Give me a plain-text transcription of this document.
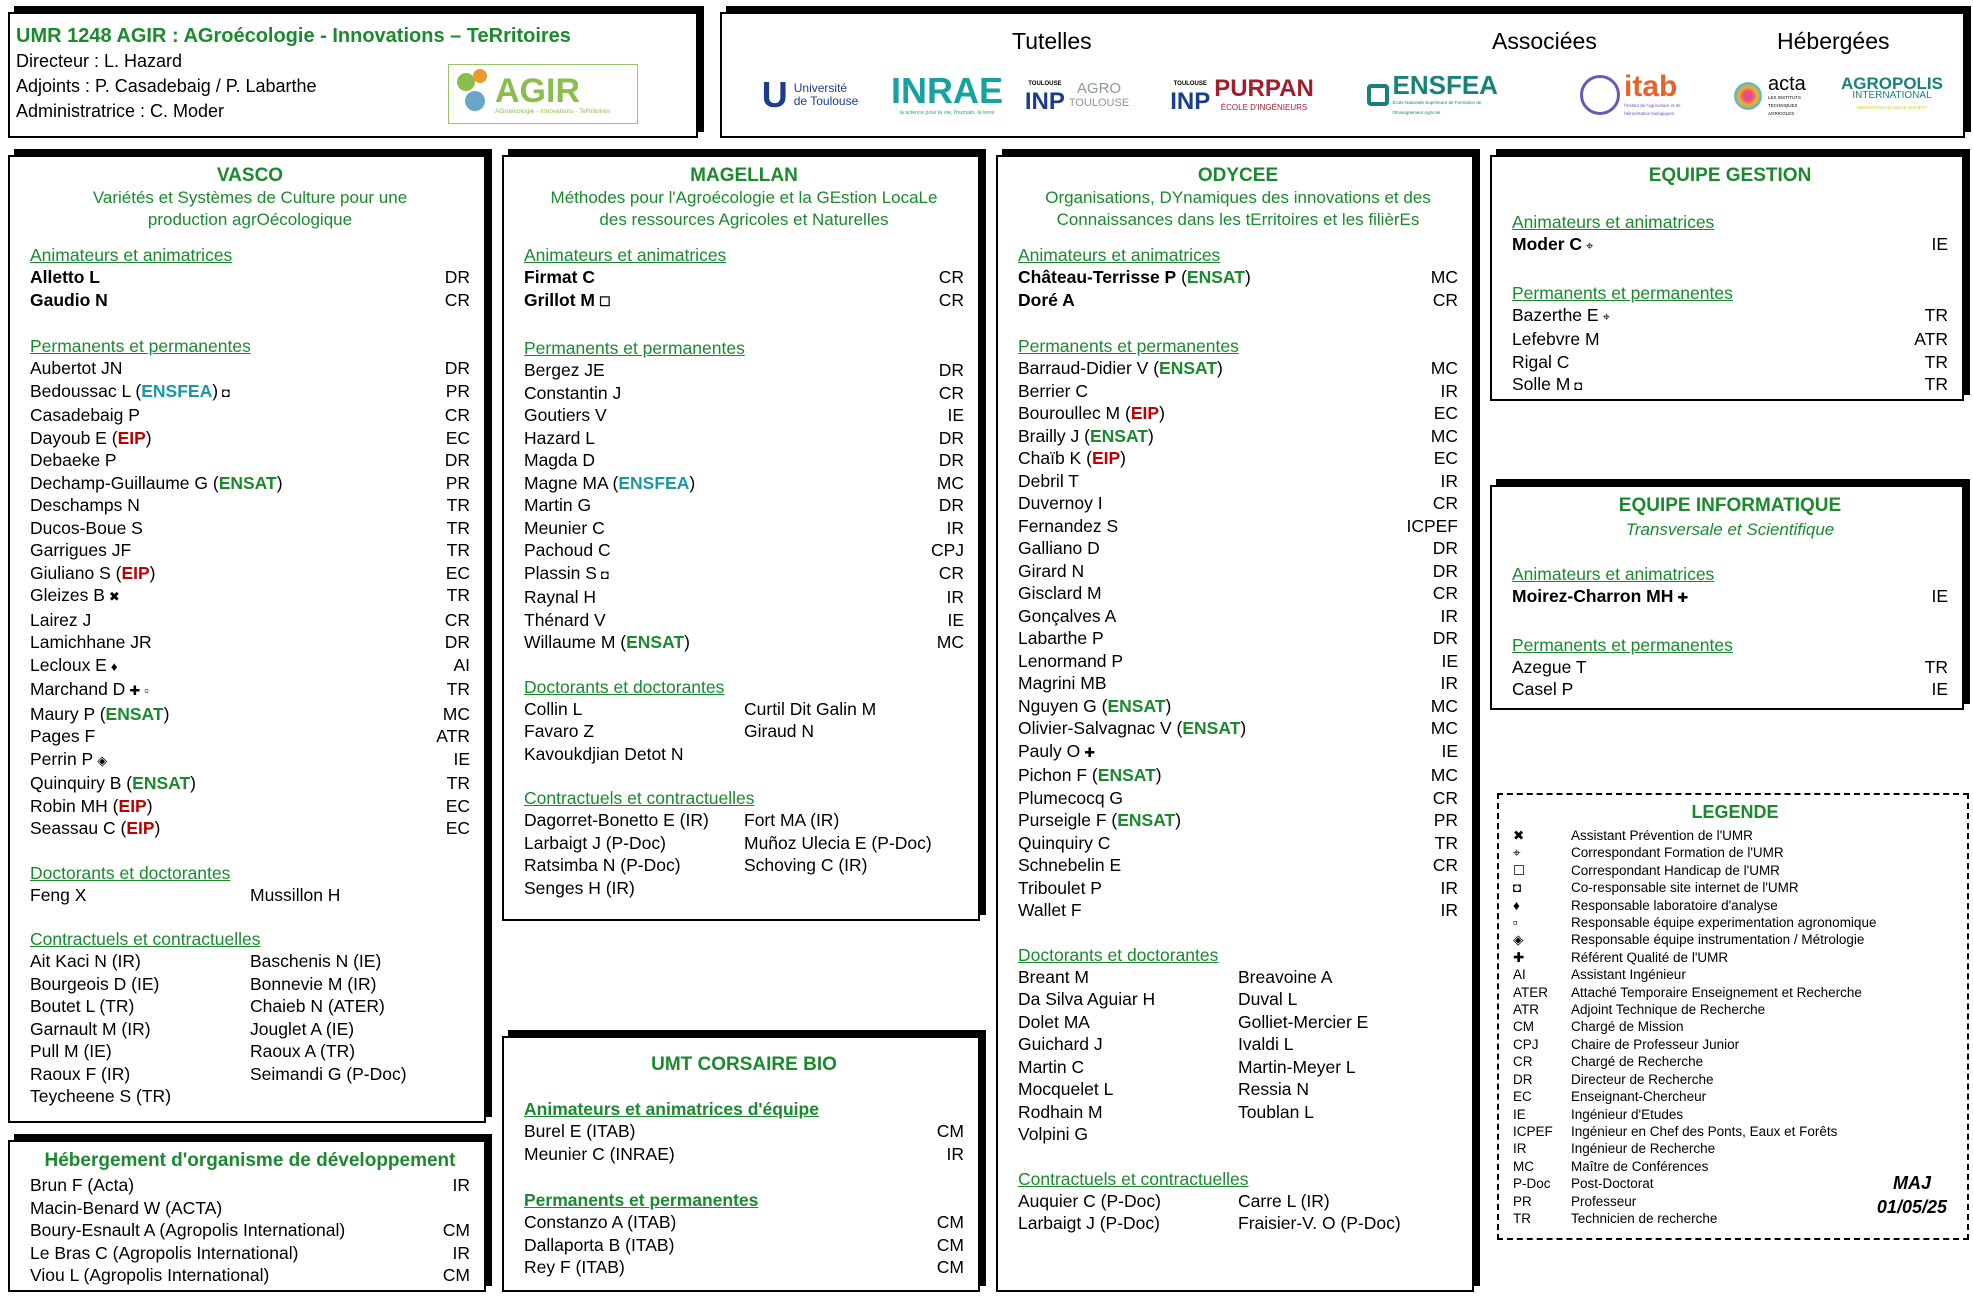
UMR 1248 AGIR : AGroécologie - Innovations – TeRritoires
Directeur : L. Hazard
Adjoints : P. Casadebaig / P. Labarthe
Administratrice : C. Moder
AGIR
AGroécologie - Innovations - TeRritoires
Tutelles	Associées	Hébergées
U Université
de Toulouse INRAE
la science pour la vie, l'humain, la terre
TOULOUSE
INP AGRO
TOULOUSE
TOULOUSE
INP PURPAN
ÉCOLE D'INGÉNIEURS
ENSFEA
École Nationale Supérieure de Formation de l'Enseignement Agricole
itab
l'institut de l'agriculture et de l'alimentation biologiques
acta
LES INSTITUTS TECHNIQUES AGRICOLES
AGROPOLIS
INTERNATIONAL
INNOVATION ALLIANCE SOCIETY
VASCO
Variétés et Systèmes de Culture pour une
production agrOécologique
Animateurs et animatrices
Alletto L	DR
Gaudio N	CR
Permanents et permanentes
Aubertot JN	DR
Bedoussac L (ENSFEA) ◘	PR
Casadebaig P	CR
Dayoub E (EIP)	EC
Debaeke P	DR
Dechamp-Guillaume G (ENSAT)	PR
Deschamps N	TR
Ducos-Boue S	TR
Garrigues JF	TR
Giuliano S (EIP)	EC
Gleizes B ✖	TR
Lairez J	CR
Lamichhane JR	DR
Lecloux E ♦	AI
Marchand D ✚ ▫	TR
Maury P (ENSAT)	MC
Pages F	ATR
Perrin P ◈	IE
Quinquiry B (ENSAT)	TR
Robin MH (EIP)	EC
Seassau C (EIP)	EC
Doctorants et doctorantes
Feng X	Mussillon H
Contractuels et contractuelles
Ait Kaci N (IR)	Baschenis N (IE)
Bourgeois D (IE)	Bonnevie M (IR)
Boutet L (TR)	Chaieb N (ATER)
Garnault M (IR)	Jouglet A (IE)
Pull M (IE)	Raoux A (TR)
Raoux F (IR)	Seimandi G (P-Doc)
Teycheene S (TR)
Hébergement d'organisme de développement
Brun F (Acta)	IR
Macin-Benard W (ACTA)
Boury-Esnault A (Agropolis International)	CM
Le Bras C (Agropolis International)	IR
Viou L (Agropolis International)	CM
MAGELLAN
Méthodes pour l'Agroécologie et la GEstion LocaLe
des ressources Agricoles et Naturelles
Animateurs et animatrices
Firmat C	CR
Grillot M ☐	CR
Permanents et permanentes
Bergez JE	DR
Constantin J	CR
Goutiers V	IE
Hazard L	DR
Magda D	DR
Magne MA (ENSFEA)	MC
Martin G	DR
Meunier C	IR
Pachoud C	CPJ
Plassin S ◘	CR
Raynal H	IR
Thénard V	IE
Willaume M (ENSAT)	MC
Doctorants et doctorantes
Collin L	Curtil Dit Galin M
Favaro Z	Giraud N
Kavoukdjian Detot N
Contractuels et contractuelles
Dagorret-Bonetto E (IR)	Fort MA (IR)
Larbaigt J (P-Doc)	Muñoz Ulecia E (P-Doc)
Ratsimba N (P-Doc)	Schoving C (IR)
Senges H (IR)
UMT CORSAIRE BIO
Animateurs et animatrices d'équipe
Burel E (ITAB)	CM
Meunier C (INRAE)	IR
Permanents et permanentes
Constanzo A (ITAB)	CM
Dallaporta B (ITAB)	CM
Rey F (ITAB)	CM
ODYCEE
Organisations, DYnamiques des innovations et des
Connaissances dans les tErritoires et les filièrEs
Animateurs et animatrices
Château-Terrisse P (ENSAT)	MC
Doré A	CR
Permanents et permanentes
Barraud-Didier V (ENSAT)	MC
Berrier C	IR
Bouroullec M (EIP)	EC
Brailly J (ENSAT)	MC
Chaïb K (EIP)	EC
Debril T	IR
Duvernoy I	CR
Fernandez S	ICPEF
Galliano D	DR
Girard N	DR
Gisclard M	CR
Gonçalves A	IR
Labarthe P	DR
Lenormand P	IE
Magrini MB	IR
Nguyen G (ENSAT)	MC
Olivier-Salvagnac V (ENSAT)	MC
Pauly O ✚	IE
Pichon F (ENSAT)	MC
Plumecocq G	CR
Purseigle F (ENSAT)	PR
Quinquiry C	TR
Schnebelin E	CR
Triboulet P	IR
Wallet F	IR
Doctorants et doctorantes
Breant M	Breavoine A
Da Silva Aguiar H	Duval L
Dolet MA	Golliet-Mercier E
Guichard J	Ivaldi L
Martin C	Martin-Meyer L
Mocquelet L	Ressia N
Rodhain M	Toublan L
Volpini G
Contractuels et contractuelles
Auquier C (P-Doc)	Carre L (IR)
Larbaigt J (P-Doc)	Fraisier-V. O (P-Doc)
EQUIPE GESTION
Animateurs et animatrices
Moder C ⌖	IE
Permanents et permanentes
Bazerthe E ⌖	TR
Lefebvre M	ATR
Rigal C	TR
Solle M ◘	TR
EQUIPE INFORMATIQUE
Transversale et Scientifique
Animateurs et animatrices
Moirez-Charron MH ✚	IE
Permanents et permanentes
Azegue T	TR
Casel P	IE
LEGENDE
✖	Assistant Prévention de l'UMR
⌖	Correspondant Formation de l'UMR
☐	Correspondant Handicap de l'UMR
◘	Co-responsable site internet de l'UMR
♦	Responsable laboratoire d'analyse
▫	Responsable équipe experimentation agronomique
◈	Responsable équipe instrumentation / Métrologie
✚	Référent Qualité de l'UMR
AI	Assistant Ingénieur
ATER	Attaché Temporaire Enseignement et Recherche
ATR	Adjoint Technique de Recherche
CM	Chargé de Mission
CPJ	Chaire de Professeur Junior
CR	Chargé de Recherche
DR	Directeur de Recherche
EC	Enseignant-Chercheur
IE	Ingénieur d'Etudes
ICPEF	Ingénieur en Chef des Ponts, Eaux et Forêts
IR	Ingénieur de Recherche
MC	Maître de Conférences
P-Doc	Post-Doctorat
PR	Professeur
TR	Technicien de recherche
MAJ
01/05/25
